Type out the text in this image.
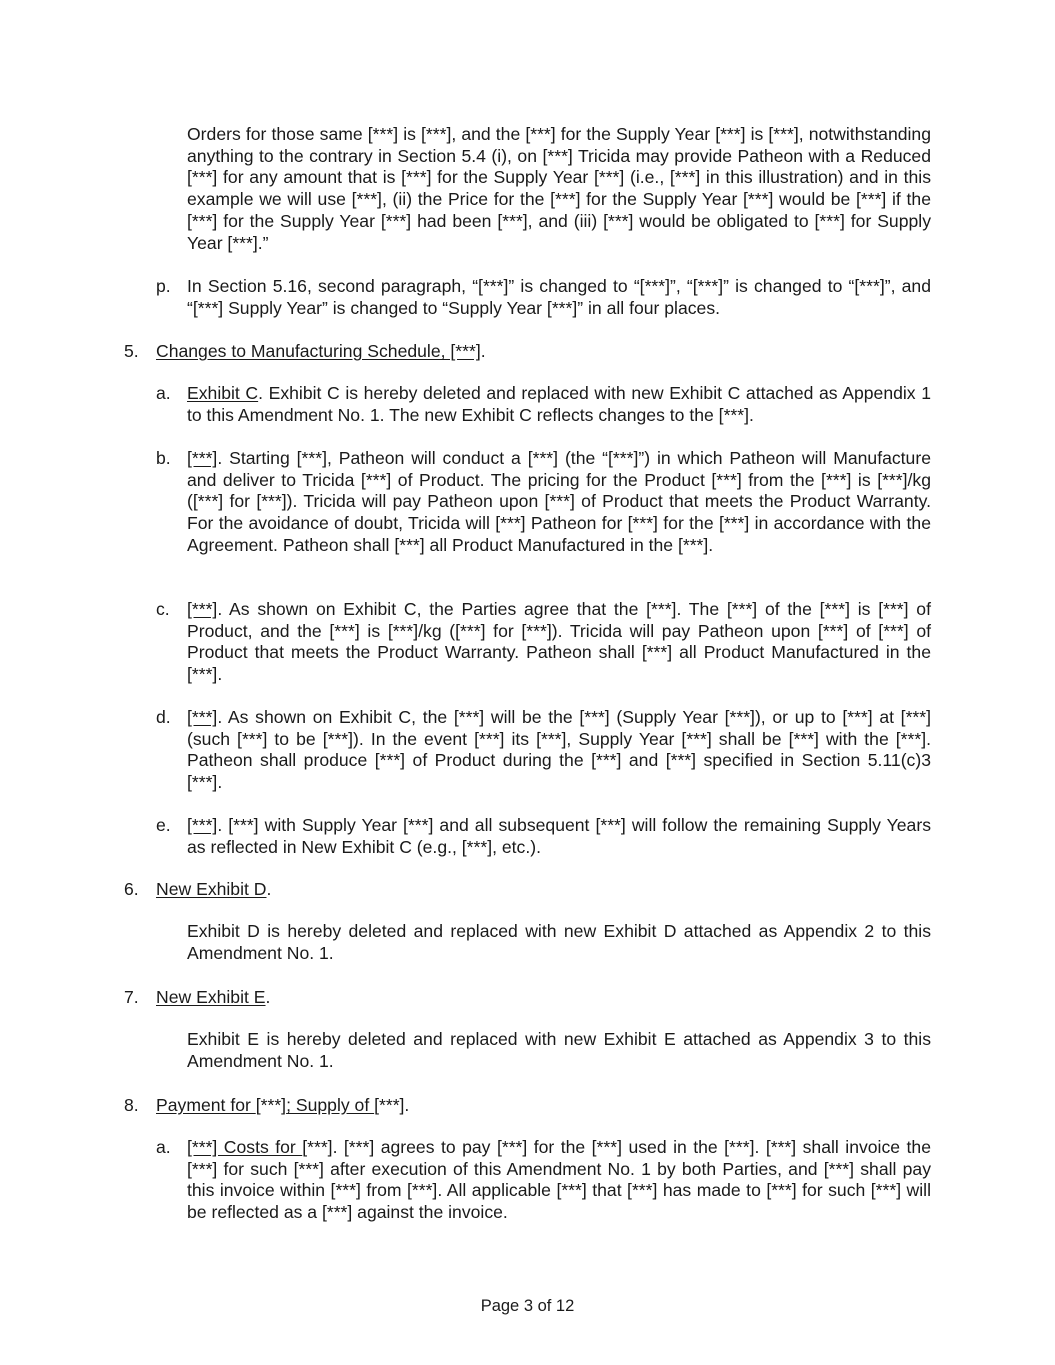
Orders for those same [***] is [***], and the [***] for the Supply Year [***] is [***], notwithstanding anything to the contrary in Section 5.4 (i), on [***] Tricida may provide Patheon with a Reduced [***] for any amount that is [***] for the Supply Year [***] (i.e., [***] in this illustration) and in this example we will use [***], (ii) the Price for the [***] for the Supply Year [***] would be [***] if the [***] for the Supply Year [***] had been [***], and (iii) [***] would be obligated to [***] for Supply Year [***].”

p. In Section 5.16, second paragraph, “[***]” is changed to “[***]”, “[***]” is changed to “[***]”, and “[***] Supply Year” is changed to “Supply Year [***]” in all four places.

5. Changes to Manufacturing Schedule, [***].

a. Exhibit C. Exhibit C is hereby deleted and replaced with new Exhibit C attached as Appendix 1 to this Amendment No. 1. The new Exhibit C reflects changes to the [***].

b. [***]. Starting [***], Patheon will conduct a [***] (the “[***]”) in which Patheon will Manufacture and deliver to Tricida [***] of Product. The pricing for the Product [***] from the [***] is [***]/kg ([***] for [***]). Tricida will pay Patheon upon [***] of Product that meets the Product Warranty. For the avoidance of doubt, Tricida will [***] Patheon for [***] for the [***] in accordance with the Agreement. Patheon shall [***] all Product Manufactured in the [***].

c. [***]. As shown on Exhibit C, the Parties agree that the [***]. The [***] of the [***] is [***] of Product, and the [***] is [***]/kg ([***] for [***]). Tricida will pay Patheon upon [***] of [***] of Product that meets the Product Warranty. Patheon shall [***] all Product Manufactured in the [***].

d. [***]. As shown on Exhibit C, the [***] will be the [***] (Supply Year [***]), or up to [***] at [***] (such [***] to be [***]). In the event [***] its [***], Supply Year [***] shall be [***] with the [***]. Patheon shall produce [***] of Product during the [***] and [***] specified in Section 5.11(c)3 [***].

e. [***]. [***] with Supply Year [***] and all subsequent [***] will follow the remaining Supply Years as reflected in New Exhibit C (e.g., [***], etc.).

6. New Exhibit D.

Exhibit D is hereby deleted and replaced with new Exhibit D attached as Appendix 2 to this Amendment No. 1.

7. New Exhibit E.

Exhibit E is hereby deleted and replaced with new Exhibit E attached as Appendix 3 to this Amendment No. 1.

8. Payment for [***]; Supply of [***].

a. [***] Costs for [***]. [***] agrees to pay [***] for the [***] used in the [***]. [***] shall invoice the [***] for such [***] after execution of this Amendment No. 1 by both Parties, and [***] shall pay this invoice within [***] from [***]. All applicable [***] that [***] has made to [***] for such [***] will be reflected as a [***] against the invoice.

Page 3 of 12
